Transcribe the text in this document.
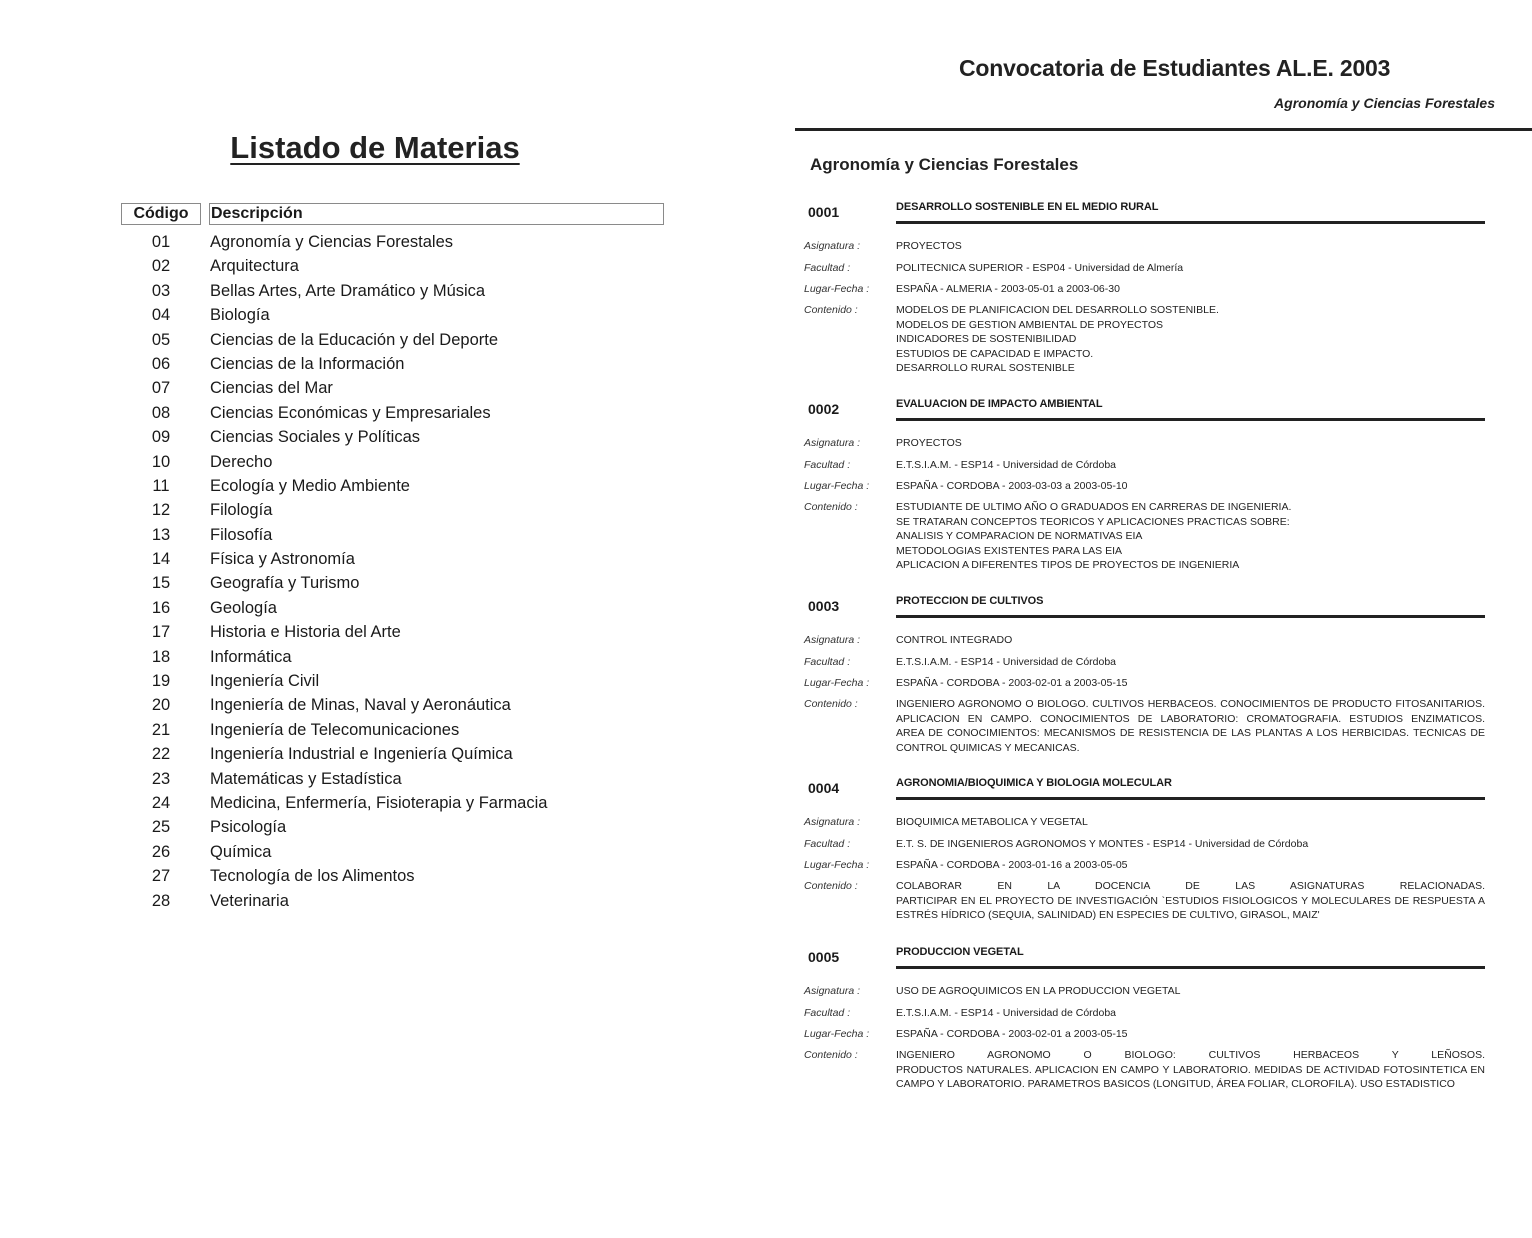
Listado de Materias
Código	Descripción
01	Agronomía y Ciencias Forestales
02	Arquitectura
03	Bellas Artes, Arte Dramático y Música
04	Biología
05	Ciencias de la Educación y del Deporte
06	Ciencias de la Información
07	Ciencias del Mar
08	Ciencias Económicas y Empresariales
09	Ciencias Sociales y Políticas
10	Derecho
11	Ecología y Medio Ambiente
12	Filología
13	Filosofía
14	Física y Astronomía
15	Geografía y Turismo
16	Geología
17	Historia e Historia del Arte
18	Informática
19	Ingeniería Civil
20	Ingeniería de Minas, Naval y Aeronáutica
21	Ingeniería de Telecomunicaciones
22	Ingeniería Industrial e Ingeniería Química
23	Matemáticas y Estadística
24	Medicina, Enfermería, Fisioterapia y Farmacia
25	Psicología
26	Química
27	Tecnología de los Alimentos
28	Veterinaria
Convocatoria de Estudiantes AL.E. 2003
Agronomía y Ciencias Forestales
Agronomía y Ciencias Forestales
0001	DESARROLLO SOSTENIBLE EN EL MEDIO RURAL
Asignatura :	PROYECTOS
Facultad :	POLITECNICA SUPERIOR - ESP04 - Universidad de Almería
Lugar-Fecha :	ESPAÑA - ALMERIA - 2003-05-01 a 2003-06-30
Contenido :	MODELOS DE PLANIFICACION DEL DESARROLLO SOSTENIBLE.
MODELOS DE GESTION AMBIENTAL DE PROYECTOS
INDICADORES DE SOSTENIBILIDAD
ESTUDIOS DE CAPACIDAD E IMPACTO.
DESARROLLO RURAL SOSTENIBLE
0002	EVALUACION DE IMPACTO AMBIENTAL
Asignatura :	PROYECTOS
Facultad :	E.T.S.I.A.M. - ESP14 - Universidad de Córdoba
Lugar-Fecha :	ESPAÑA - CORDOBA - 2003-03-03 a 2003-05-10
Contenido :	ESTUDIANTE DE ULTIMO AÑO O GRADUADOS EN CARRERAS DE INGENIERIA.
SE TRATARAN CONCEPTOS TEORICOS Y APLICACIONES PRACTICAS SOBRE:
ANALISIS Y COMPARACION DE NORMATIVAS EIA
METODOLOGIAS EXISTENTES PARA LAS EIA
APLICACION A DIFERENTES TIPOS DE PROYECTOS DE INGENIERIA
0003	PROTECCION DE CULTIVOS
Asignatura :	CONTROL INTEGRADO
Facultad :	E.T.S.I.A.M. - ESP14 - Universidad de Córdoba
Lugar-Fecha :	ESPAÑA - CORDOBA - 2003-02-01 a 2003-05-15
Contenido :	INGENIERO AGRONOMO O BIOLOGO. CULTIVOS HERBACEOS. CONOCIMIENTOS DE PRODUCTO FITOSANITARIOS.
APLICACION EN CAMPO. CONOCIMIENTOS DE LABORATORIO: CROMATOGRAFIA. ESTUDIOS ENZIMATICOS.
AREA DE CONOCIMIENTOS: MECANISMOS DE RESISTENCIA DE LAS PLANTAS A LOS HERBICIDAS. TECNICAS DE
CONTROL QUIMICAS Y MECANICAS.
0004	AGRONOMIA/BIOQUIMICA Y BIOLOGIA MOLECULAR
Asignatura :	BIOQUIMICA METABOLICA Y VEGETAL
Facultad :	E.T. S. DE INGENIEROS AGRONOMOS Y MONTES - ESP14 - Universidad de Córdoba
Lugar-Fecha :	ESPAÑA - CORDOBA - 2003-01-16 a 2003-05-05
Contenido :	COLABORAR EN LA DOCENCIA DE LAS ASIGNATURAS RELACIONADAS.
PARTICIPAR EN EL PROYECTO DE INVESTIGACIÓN `ESTUDIOS FISIOLOGICOS Y MOLECULARES DE RESPUESTA A
ESTRÉS HÍDRICO (SEQUIA, SALINIDAD) EN ESPECIES DE CULTIVO, GIRASOL, MAIZ'
0005	PRODUCCION VEGETAL
Asignatura :	USO DE AGROQUIMICOS EN LA PRODUCCION VEGETAL
Facultad :	E.T.S.I.A.M. - ESP14 - Universidad de Córdoba
Lugar-Fecha :	ESPAÑA - CORDOBA - 2003-02-01 a 2003-05-15
Contenido :	INGENIERO AGRONOMO O BIOLOGO: CULTIVOS HERBACEOS Y LEÑOSOS.
PRODUCTOS NATURALES. APLICACION EN CAMPO Y LABORATORIO. MEDIDAS DE ACTIVIDAD FOTOSINTETICA EN
CAMPO Y LABORATORIO. PARAMETROS BASICOS (LONGITUD, ÁREA FOLIAR, CLOROFILA). USO ESTADISTICO
